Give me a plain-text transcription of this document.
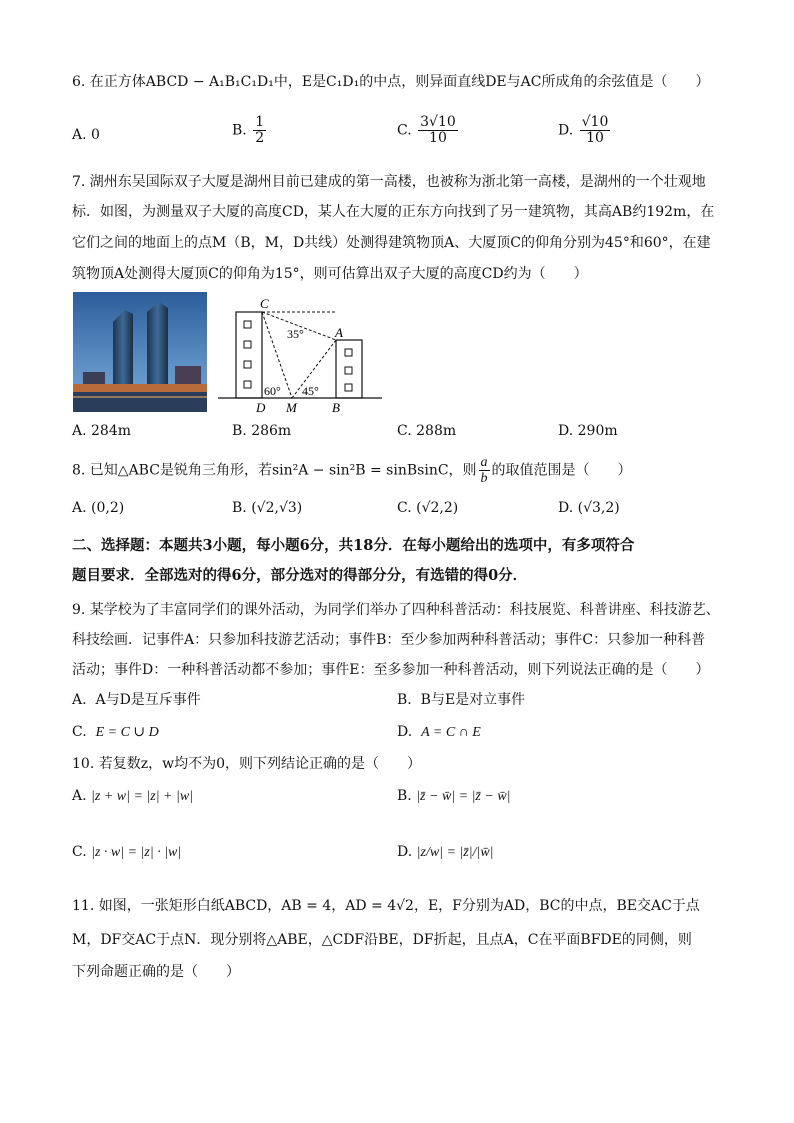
6. 在正方体ABCD − A₁B₁C₁D₁中，E是C₁D₁的中点，则异面直线DE与AC所成角的余弦值是（　　）
A. 0	B. $\frac{1}{2}$	C. $\frac{3√10}{10}$	D. $\frac{√10}{10}$
7. 湖州东吴国际双子大厦是湖州目前已建成的第一高楼，也被称为浙北第一高楼，是湖州的一个壮观地
标．如图，为测量双子大厦的高度CD，某人在大厦的正东方向找到了另一建筑物，其高AB约192m，在
它们之间的地面上的点M（B，M，D共线）处测得建筑物顶A、大厦顶C的仰角分别为45°和60°，在建
筑物顶A处测得大厦顶C的仰角为15°，则可估算出双子大厦的高度CD约为（　　）
C
A
35°
60° 45°
D M	B
A. 284m	B. 286m	C. 288m	D. 290m
8. 已知△ABC是锐角三角形，若sin²A − sin²B = sinBsinC，则 $\frac{a}{b}$ 的取值范围是（　　）
A. (0,2)	B. (√2,√3)	C. (√2,2)	D. (√3,2)
二、选择题：本题共3小题，每小题6分，共18分．在每小题给出的选项中，有多项符合
题目要求．全部选对的得6分，部分选对的得部分分，有选错的得0分．
9. 某学校为了丰富同学们的课外活动，为同学们举办了四种科普活动：科技展览、科普讲座、科技游艺、
科技绘画．记事件A：只参加科技游艺活动；事件B：至少参加两种科普活动；事件C：只参加一种科普
活动；事件D：一种科普活动都不参加；事件E：至多参加一种科普活动，则下列说法正确的是（　　）
A. A与D是互斥事件	B. B与E是对立事件
C. E = C ∪ D	D. A = C ∩ E
10. 若复数z，w均不为0，则下列结论正确的是（　　）
A. |z + w| = |z| + |w|	B. |z̄ − w̄| = |z̄ − w̄|
C. |z · w| = |z| · |w|	D. |z/w| = |z̄|/|w̄|
11. 如图，一张矩形白纸ABCD，AB = 4，AD = 4√2，E，F分别为AD，BC的中点，BE交AC于点
M，DF交AC于点N．现分别将△ABE，△CDF沿BE，DF折起，且点A，C在平面BFDE的同侧，则
下列命题正确的是（　　）
